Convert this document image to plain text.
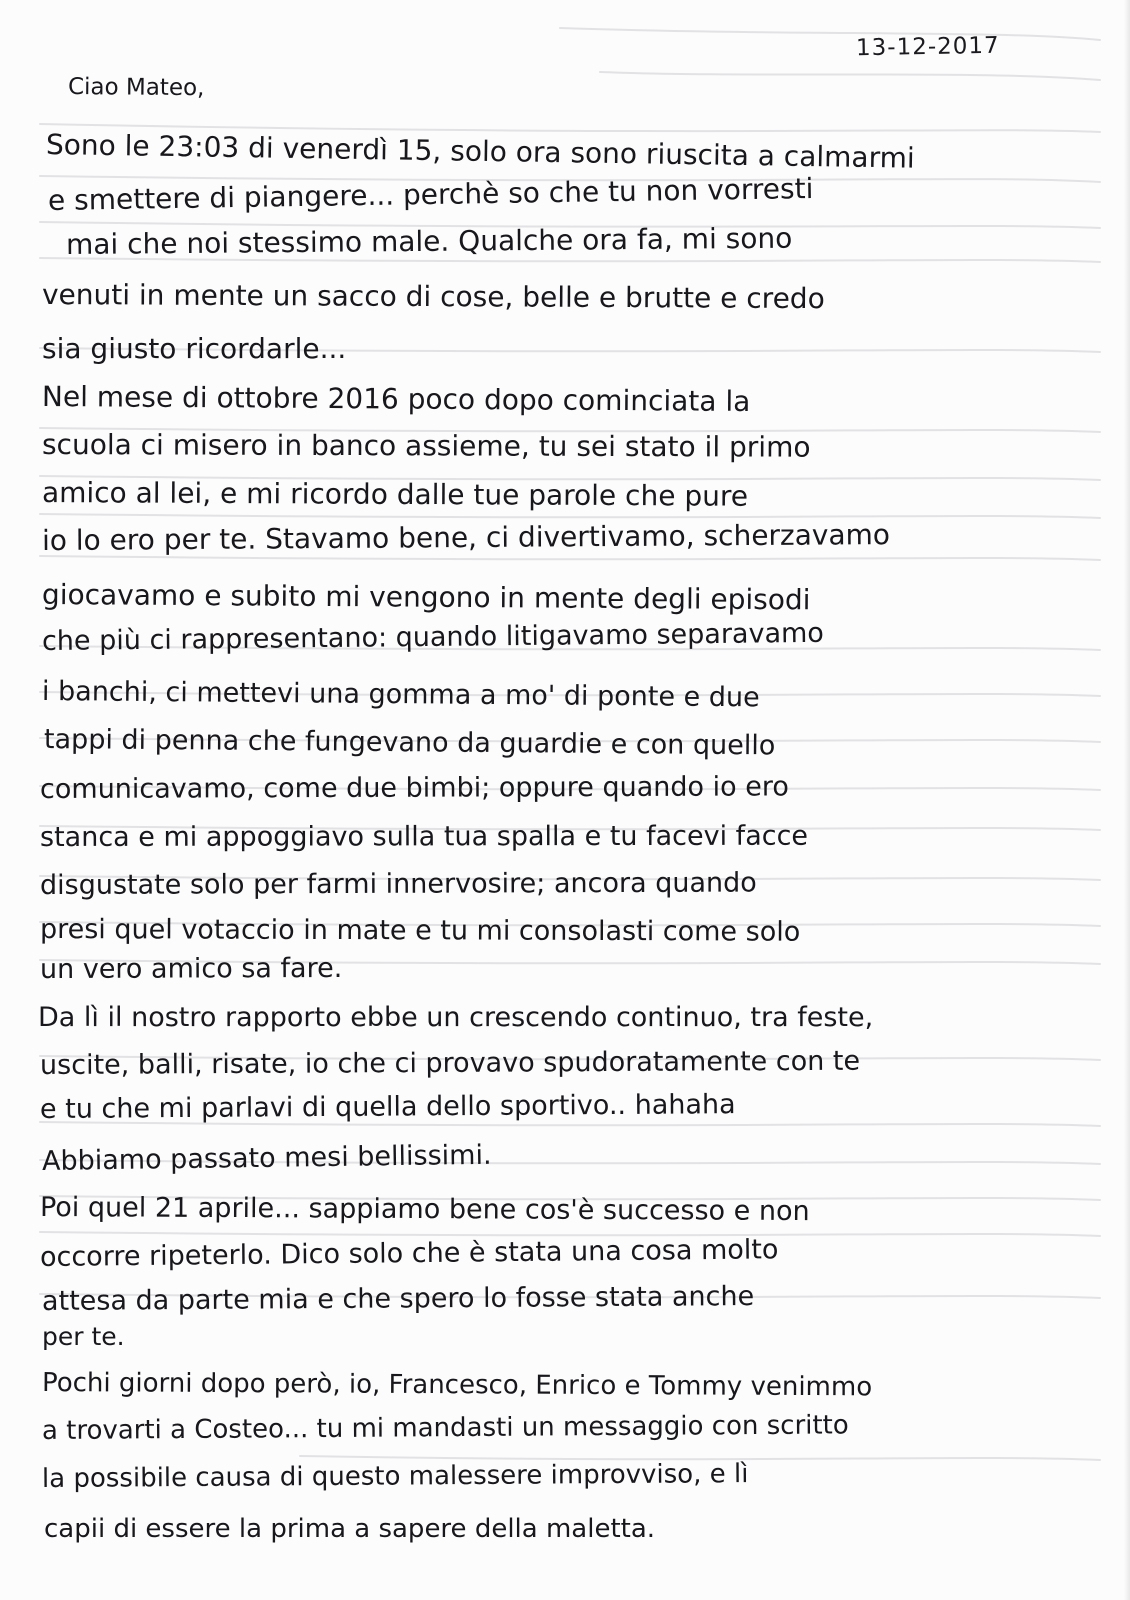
13-12-2017
Ciao Mateo,
Sono le 23:03 di venerdì 15, solo ora sono riuscita a calmarmi
e smettere di piangere... perchè so che tu non vorresti
mai che noi stessimo male. Qualche ora fa, mi sono
venuti in mente un sacco di cose, belle e brutte e credo
sia giusto ricordarle...
Nel mese di ottobre 2016 poco dopo cominciata la
scuola ci misero in banco assieme, tu sei stato il primo
amico al lei, e mi ricordo dalle tue parole che pure
io lo ero per te. Stavamo bene, ci divertivamo, scherzavamo
giocavamo e subito mi vengono in mente degli episodi
che più ci rappresentano: quando litigavamo separavamo
i banchi, ci mettevi una gomma a mo' di ponte e due
tappi di penna che fungevano da guardie e con quello
comunicavamo, come due bimbi; oppure quando io ero
stanca e mi appoggiavo sulla tua spalla e tu facevi facce
disgustate solo per farmi innervosire; ancora quando
presi quel votaccio in mate e tu mi consolasti come solo
un vero amico sa fare.
Da lì il nostro rapporto ebbe un crescendo continuo, tra feste,
uscite, balli, risate, io che ci provavo spudoratamente con te
e tu che mi parlavi di quella dello sportivo.. hahaha
Abbiamo passato mesi bellissimi.
Poi quel 21 aprile... sappiamo bene cos'è successo e non
occorre ripeterlo. Dico solo che è stata una cosa molto
attesa da parte mia e che spero lo fosse stata anche
per te.
Pochi giorni dopo però, io, Francesco, Enrico e Tommy venimmo
a trovarti a Costeo... tu mi mandasti un messaggio con scritto
la possibile causa di questo malessere improvviso, e lì
capii di essere la prima a sapere della maletta.
